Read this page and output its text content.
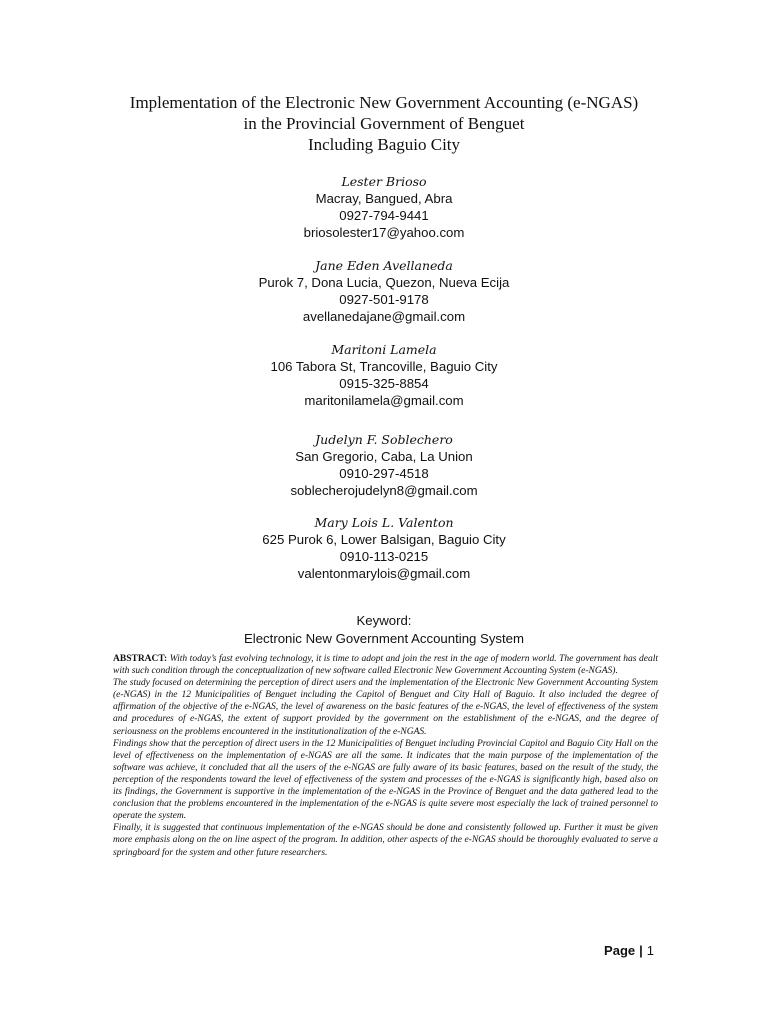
Implementation of the Electronic New Government Accounting (e-NGAS)
in the Provincial Government of Benguet
Including Baguio City
Lester Brioso
Macray, Bangued, Abra
0927-794-9441
briosolester17@yahoo.com
Jane Eden Avellaneda
Purok 7, Dona Lucia, Quezon, Nueva Ecija
0927-501-9178
avellanedajane@gmail.com
Maritoni Lamela
106 Tabora St, Trancoville, Baguio City
0915-325-8854
maritonilamela@gmail.com
Judelyn F. Soblechero
San Gregorio, Caba, La Union
0910-297-4518
soblecherojudelyn8@gmail.com
Mary Lois L. Valenton
625 Purok 6, Lower Balsigan, Baguio City
0910-113-0215
valentonmarylois@gmail.com
Keyword:
Electronic New Government Accounting System

ABSTRACT: With today’s fast evolving technology, it is time to adopt and join the rest in the age of modern world. The government has dealt with such condition through the conceptualization of new software called Electronic New Government Accounting System (e-NGAS).

The study focused on determining the perception of direct users and the implementation of the Electronic New Government Accounting System (e-NGAS) in the 12 Municipalities of Benguet including the Capitol of Benguet and City Hall of Baguio. It also included the degree of affirmation of the objective of the e-NGAS, the level of awareness on the basic features of the e-NGAS, the level of effectiveness of the system and procedures of e-NGAS, the extent of support provided by the government on the establishment of the e-NGAS, and the degree of seriousness on the problems encountered in the institutionalization of the e-NGAS.

Findings show that the perception of direct users in the 12 Municipalities of Benguet including Provincial Capitol and Baguio City Hall on the level of effectiveness on the implementation of e-NGAS are all the same. It indicates that the main purpose of the implementation of the software was achieve, it concluded that all the users of the e-NGAS are fully aware of its basic features, based on the result of the study, the perception of the respondents toward the level of effectiveness of the system and processes of the e-NGAS is significantly high, based also on its findings, the Government is supportive in the implementation of the e-NGAS in the Province of Benguet and the data gathered lead to the conclusion that the problems encountered in the implementation of the e-NGAS is quite severe most especially the lack of trained personnel to operate the system.

Finally, it is suggested that continuous implementation of the e-NGAS should be done and consistently followed up. Further it must be given more emphasis along on the on line aspect of the program. In addition, other aspects of the e-NGAS should be thoroughly evaluated to serve a springboard for the system and other future researchers.

Page | 1
